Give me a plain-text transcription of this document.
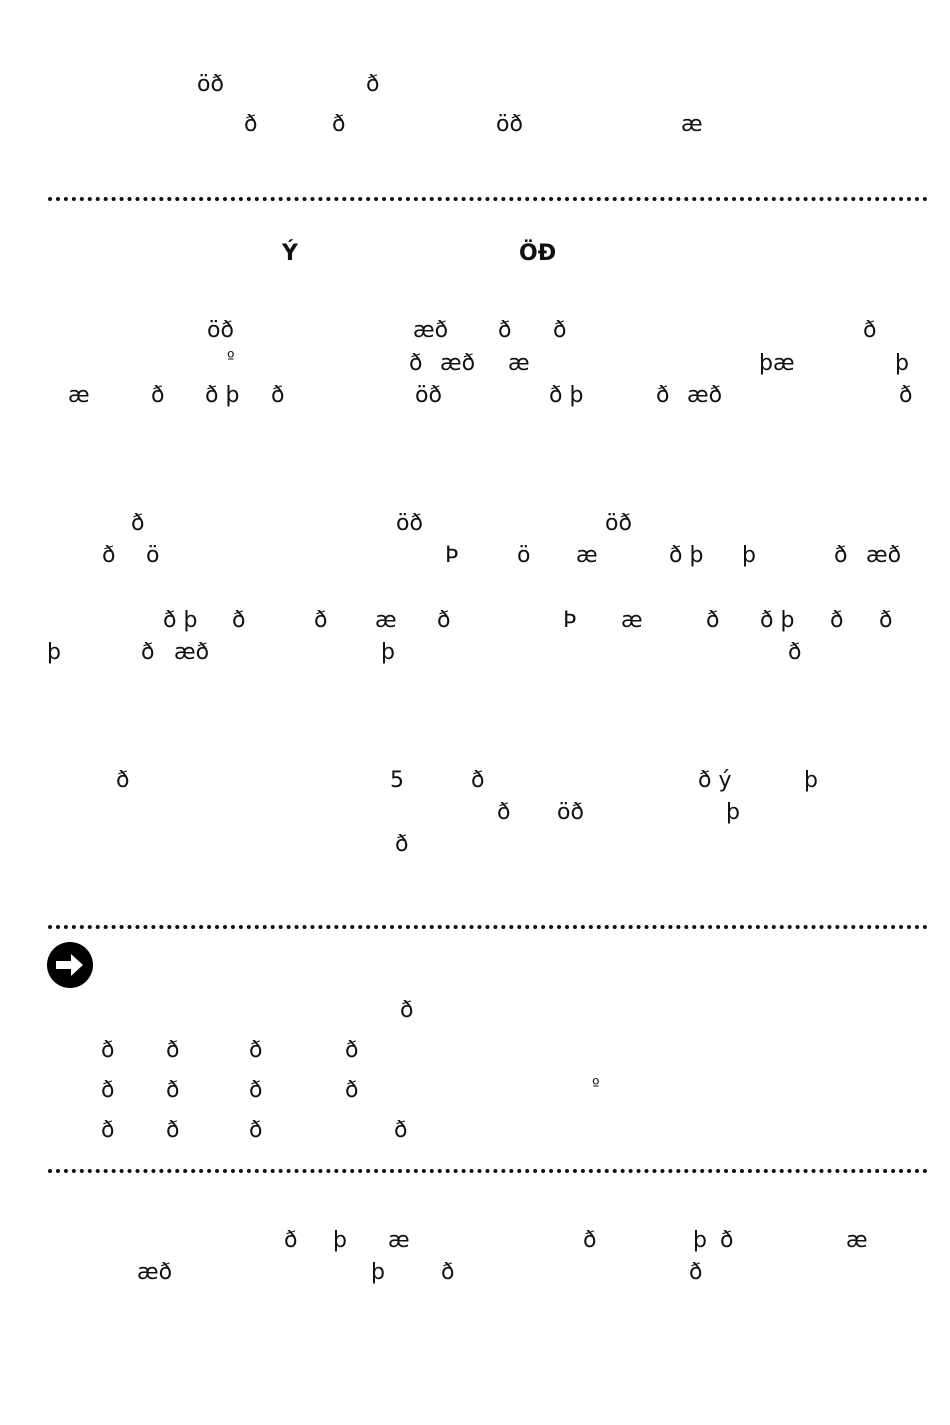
öð	ð
ð	ð	öð	æ
Ý	ÖÐ
öð	æð ð ð	ð
º	ð æð æ	þæ	þ
æ	ð ð þ ð	öð	ð þ	ð æð	ð
ð	öð	öð
ð ö	Þ	ö æ	ð þ þ	ð æð
ð þ ð	ð æ ð	Þ æ	ð ð þ ð ð
þ	ð æð	þ	ð
ð	5	ð	ð ý	þ
ð öð	þ
ð
ð
ð ð	ð	ð
ð ð	ð	ð	º
ð ð	ð	ð
ð þ æ	ð	þ ð	æ
æð	þ	ð	ð
